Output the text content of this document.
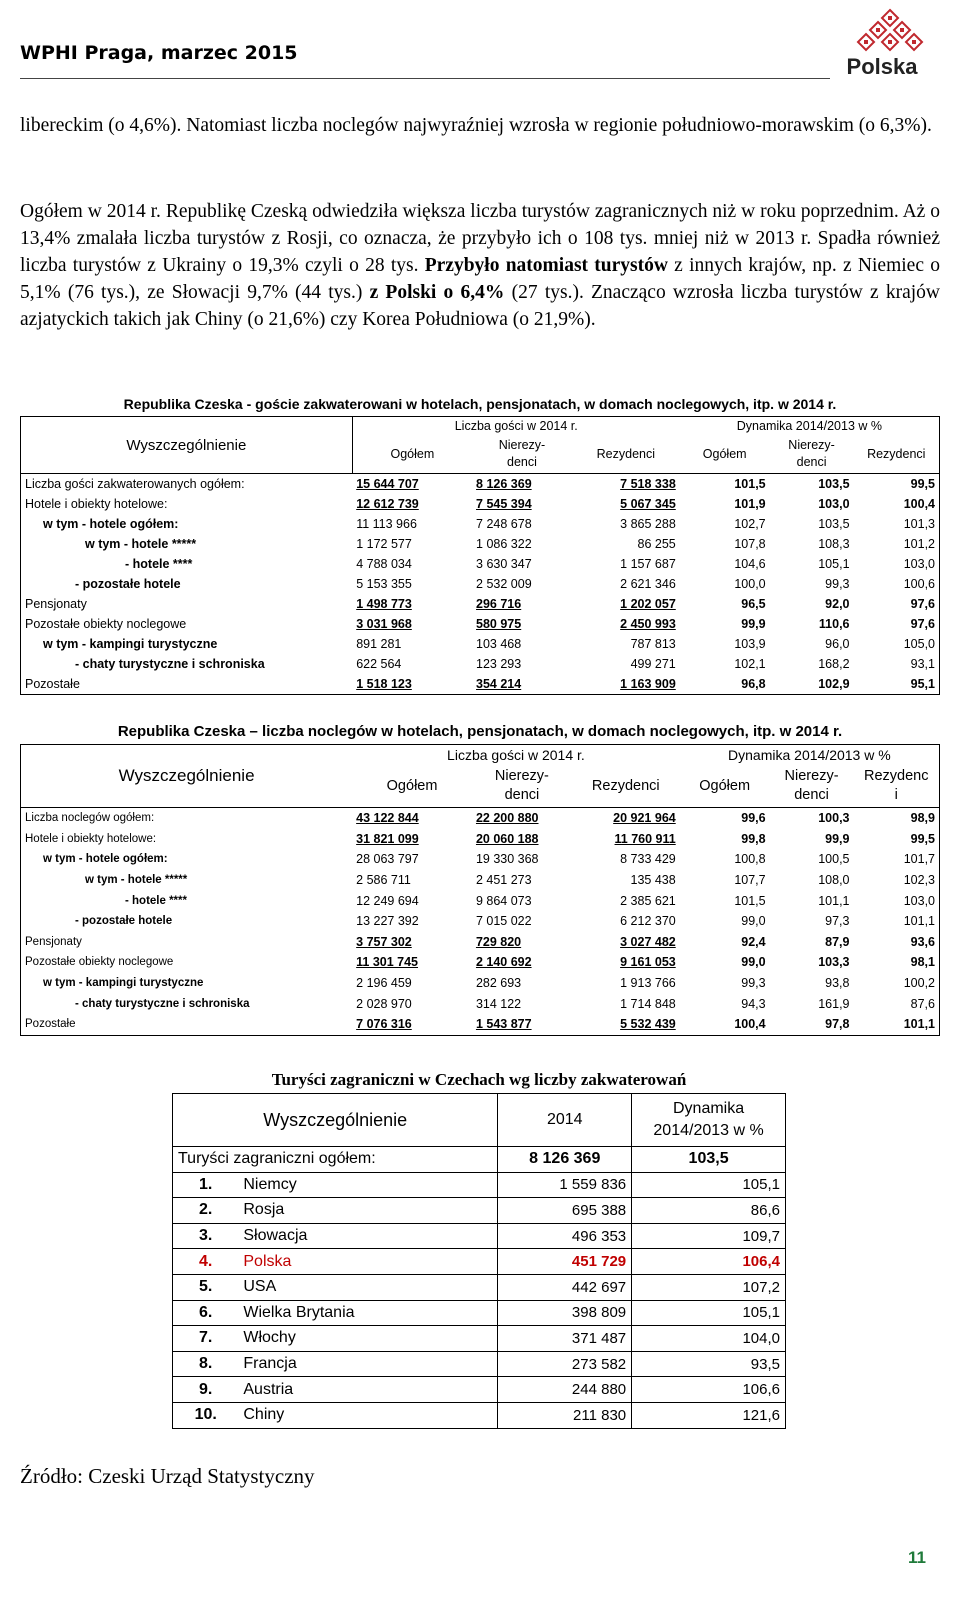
WPHI Praga, marzec 2015
Polska

libereckim (o 4,6%). Natomiast liczba noclegów najwyraźniej wzrosła w regionie południowo-morawskim (o 6,3%).

Ogółem w 2014 r. Republikę Czeską odwiedziła większa liczba turystów zagranicznych niż w roku poprzednim. Aż o 13,4% zmalała liczba turystów z Rosji, co oznacza, że przybyło ich o 108 tys. mniej niż w 2013 r. Spadła również liczba turystów z Ukrainy o 19,3% czyli o 28 tys. Przybyło natomiast turystów z innych krajów, np. z Niemiec o 5,1% (76 tys.), ze Słowacji 9,7% (44 tys.) z Polski o 6,4% (27 tys.). Znacząco wzrosła liczba turystów z krajów azjatyckich takich jak Chiny (o 21,6%) czy Korea Południowa (o 21,9%).

Republika Czeska - goście zakwaterowani w hotelach, pensjonatach, w domach noclegowych, itp. w 2014 r.
Wyszczególnienie	Liczba gości w 2014 r.			Dynamika 2014/2013 w %		
	Ogółem	Nierezy-
denci	Rezydenci	Ogółem	Nierezy-
denci	Rezydenci
Liczba gości zakwaterowanych ogółem:	15 644 707	8 126 369	7 518 338	101,5	103,5	99,5
Hotele i obiekty hotelowe:	12 612 739	7 545 394	5 067 345	101,9	103,0	100,4
w tym - hotele ogółem:	11 113 966	7 248 678	3 865 288	102,7	103,5	101,3
w tym - hotele *****	1 172 577	1 086 322	86 255	107,8	108,3	101,2
- hotele ****	4 788 034	3 630 347	1 157 687	104,6	105,1	103,0
- pozostałe hotele	5 153 355	2 532 009	2 621 346	100,0	99,3	100,6
Pensjonaty	1 498 773	296 716	1 202 057	96,5	92,0	97,6
Pozostałe obiekty noclegowe	3 031 968	580 975	2 450 993	99,9	110,6	97,6
w tym - kampingi turystyczne	891 281	103 468	787 813	103,9	96,0	105,0
- chaty turystyczne i schroniska	622 564	123 293	499 271	102,1	168,2	93,1
Pozostałe	1 518 123	354 214	1 163 909	96,8	102,9	95,1
Republika Czeska – liczba noclegów w hotelach, pensjonatach, w domach noclegowych, itp. w 2014 r.
Wyszczególnienie	Liczba gości w 2014 r.			Dynamika 2014/2013 w %		
	Ogółem	Nierezy-
denci	Rezydenci	Ogółem	Nierezy-
denci	Rezydenc
i
Liczba noclegów ogółem:	43 122 844	22 200 880	20 921 964	99,6	100,3	98,9
Hotele i obiekty hotelowe:	31 821 099	20 060 188	11 760 911	99,8	99,9	99,5
w tym - hotele ogółem:	28 063 797	19 330 368	8 733 429	100,8	100,5	101,7
w tym - hotele *****	2 586 711	2 451 273	135 438	107,7	108,0	102,3
- hotele ****	12 249 694	9 864 073	2 385 621	101,5	101,1	103,0
- pozostałe hotele	13 227 392	7 015 022	6 212 370	99,0	97,3	101,1
Pensjonaty	3 757 302	729 820	3 027 482	92,4	87,9	93,6
Pozostałe obiekty noclegowe	11 301 745	2 140 692	9 161 053	99,0	103,3	98,1
w tym - kampingi turystyczne	2 196 459	282 693	1 913 766	99,3	93,8	100,2
- chaty turystyczne i schroniska	2 028 970	314 122	1 714 848	94,3	161,9	87,6
Pozostałe	7 076 316	1 543 877	5 532 439	100,4	97,8	101,1
Turyści zagraniczni w Czechach wg liczby zakwaterowań
Wyszczególnienie		2014	Dynamika
2014/2013 w %
Turyści zagraniczni ogółem:		8 126 369	103,5
1.	Niemcy	1 559 836	105,1
2.	Rosja	695 388	86,6
3.	Słowacja	496 353	109,7
4.	Polska	451 729	106,4
5.	USA	442 697	107,2
6.	Wielka Brytania	398 809	105,1
7.	Włochy	371 487	104,0
8.	Francja	273 582	93,5
9.	Austria	244 880	106,6
10.	Chiny	211 830	121,6
Źródło: Czeski Urząd Statystyczny
11
